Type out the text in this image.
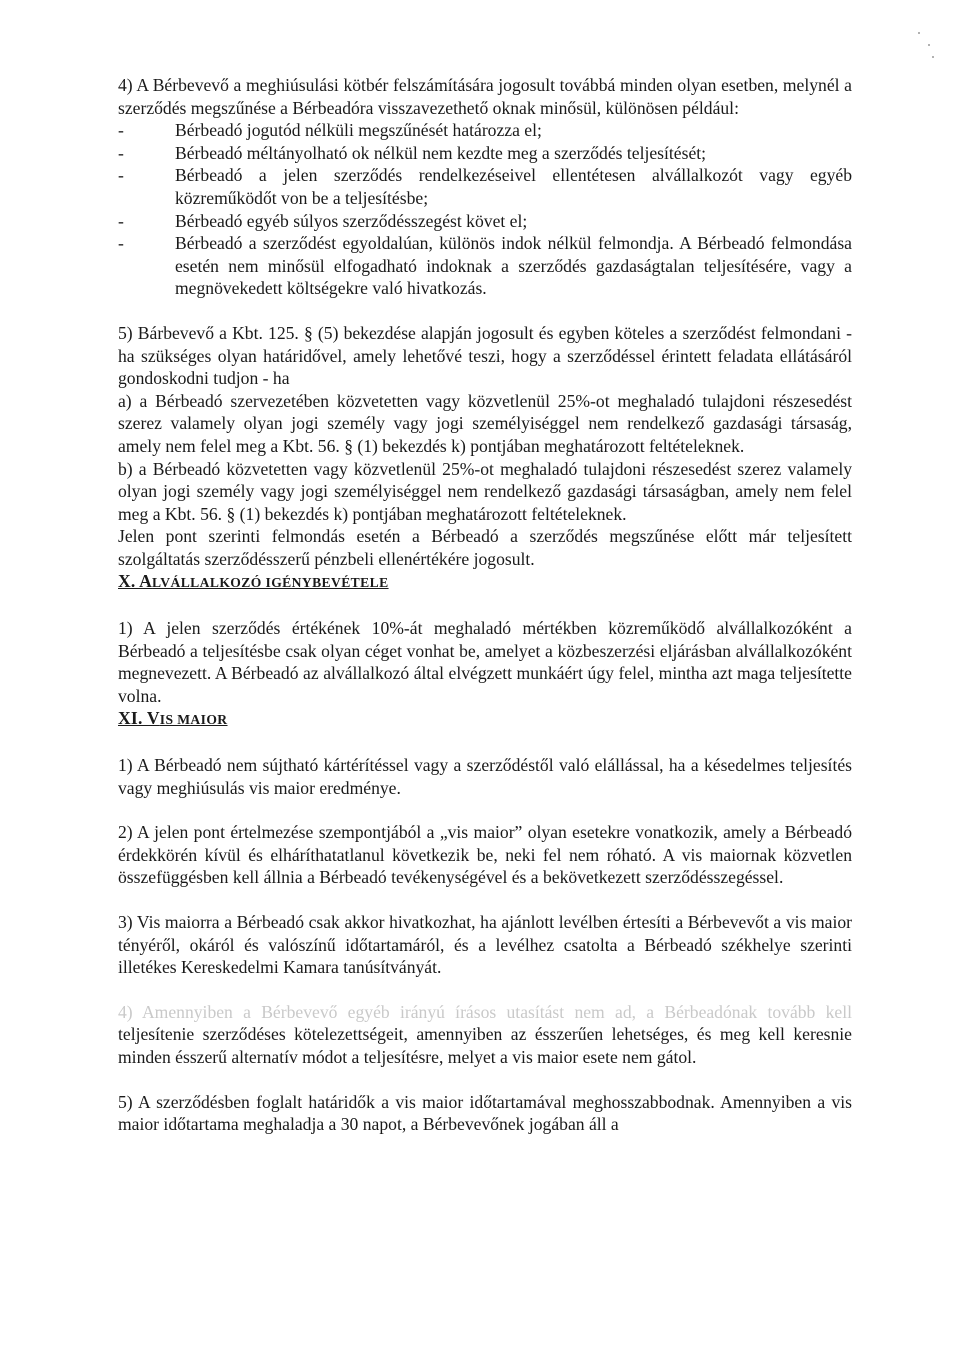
4) A Bérbevevő a meghiúsulási kötbér felszámítására jogosult továbbá minden olyan esetben, melynél a szerződés megszűnése a Bérbeadóra visszavezethető oknak minősül, különösen például:

-	Bérbeadó jogutód nélküli megszűnését határozza el;
-	Bérbeadó méltányolható ok nélkül nem kezdte meg a szerződés teljesítését;
-	Bérbeadó a jelen szerződés rendelkezéseivel ellentétesen alvállalkozót vagy egyéb közreműködőt von be a teljesítésbe;
-	Bérbeadó egyéb súlyos szerződésszegést követ el;
-	Bérbeadó a szerződést egyoldalúan, különös indok nélkül felmondja. A Bérbeadó felmondása esetén nem minősül elfogadható indoknak a szerződés gazdaságtalan teljesítésére, vagy a megnövekedett költségekre való hivatkozás.

5) Bárbevevő a Kbt. 125. § (5) bekezdése alapján jogosult és egyben köteles a szerződést felmondani - ha szükséges olyan határidővel, amely lehetővé teszi, hogy a szerződéssel érintett feladata ellátásáról gondoskodni tudjon - ha

a) a Bérbeadó szervezetében közvetetten vagy közvetlenül 25%-ot meghaladó tulajdoni részesedést szerez valamely olyan jogi személy vagy jogi személyiséggel nem rendelkező gazdasági társaság, amely nem felel meg a Kbt. 56. § (1) bekezdés k) pontjában meghatározott feltételeknek.

b) a Bérbeadó közvetetten vagy közvetlenül 25%-ot meghaladó tulajdoni részesedést szerez valamely olyan jogi személy vagy jogi személyiséggel nem rendelkező gazdasági társaságban, amely nem felel meg a Kbt. 56. § (1) bekezdés k) pontjában meghatározott feltételeknek.

Jelen pont szerinti felmondás esetén a Bérbeadó a szerződés megszűnése előtt már teljesített szolgáltatás szerződésszerű pénzbeli ellenértékére jogosult.

X. ALVÁLLALKOZÓ IGÉNYBEVÉTELE

1) A jelen szerződés értékének 10%-át meghaladó mértékben közreműködő alvállalkozóként a Bérbeadó a teljesítésbe csak olyan céget vonhat be, amelyet a közbeszerzési eljárásban alvállalkozóként megnevezett. A Bérbeadó az alvállalkozó által elvégzett munkáért úgy felel, mintha azt maga teljesítette volna.

XI. VIS MAIOR

1) A Bérbeadó nem sújtható kártérítéssel vagy a szerződéstől való elállással, ha a késedelmes teljesítés vagy meghiúsulás vis maior eredménye.

2) A jelen pont értelmezése szempontjából a „vis maior” olyan esetekre vonatkozik, amely a Bérbeadó érdekkörén kívül és elháríthatatlanul következik be, neki fel nem róható. A vis maiornak közvetlen összefüggésben kell állnia a Bérbeadó tevékenységével és a bekövetkezett szerződésszegéssel.

3) Vis maiorra a Bérbeadó csak akkor hivatkozhat, ha ajánlott levélben értesíti a Bérbevevőt a vis maior tényéről, okáról és valószínű időtartamáról, és a levélhez csatolta a Bérbeadó székhelye szerinti illetékes Kereskedelmi Kamara tanúsítványát.

4) Amennyiben a Bérbevevő egyéb irányú írásos utasítást nem ad, a Bérbeadónak tovább kell teljesítenie szerződéses kötelezettségeit, amennyiben az ésszerűen lehetséges, és meg kell keresnie minden ésszerű alternatív módot a teljesítésre, melyet a vis maior esete nem gátol.

5) A szerződésben foglalt határidők a vis maior időtartamával meghosszabbodnak. Amennyiben a vis maior időtartama meghaladja a 30 napot, a Bérbevevőnek jogában áll a
